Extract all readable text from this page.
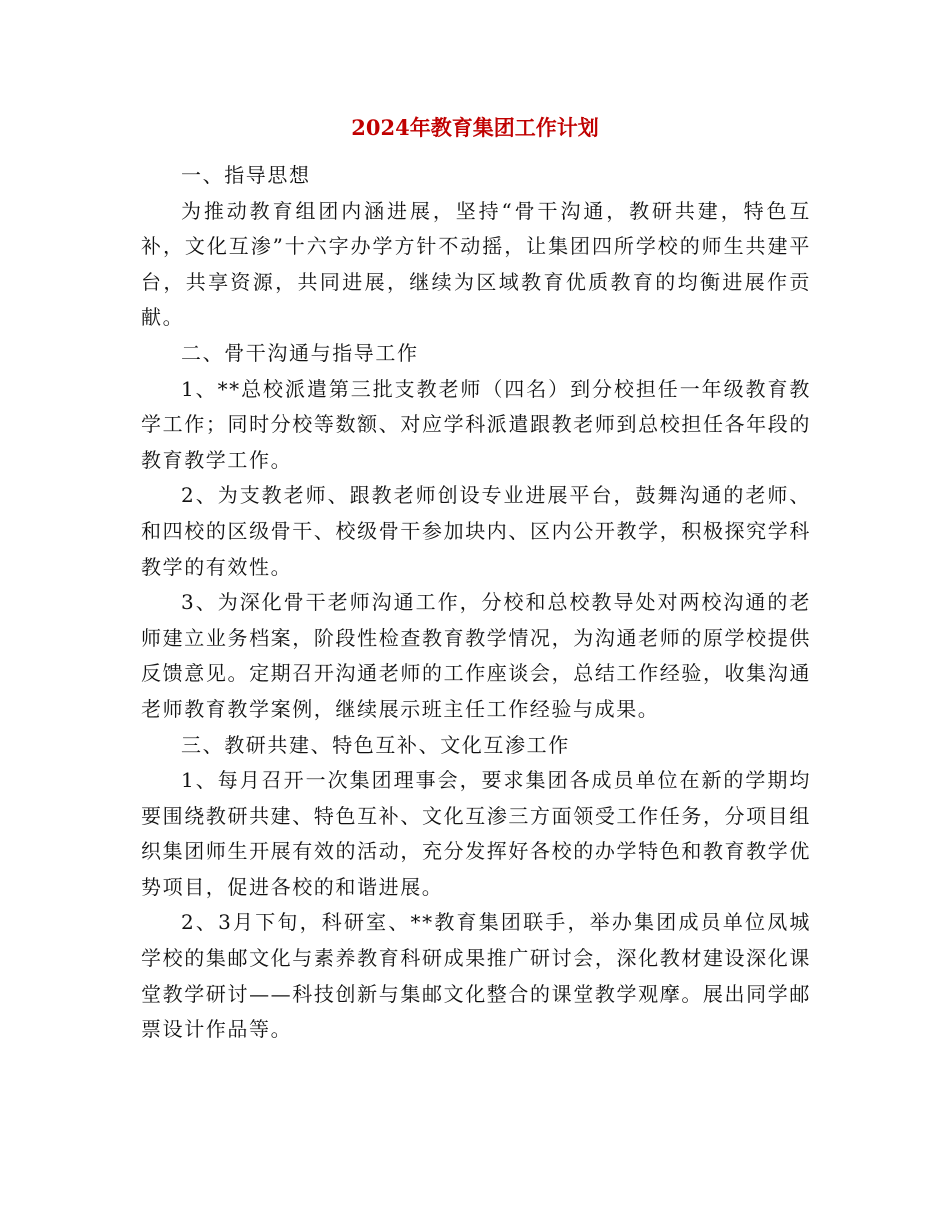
2024年教育集团工作计划

一、指导思想

为推动教育组团内涵进展，坚持“骨干沟通，教研共建，特色互补，文化互渗”十六字办学方针不动摇，让集团四所学校的师生共建平台，共享资源，共同进展，继续为区域教育优质教育的均衡进展作贡献。

二、骨干沟通与指导工作

1、**总校派遣第三批支教老师（四名）到分校担任一年级教育教学工作；同时分校等数额、对应学科派遣跟教老师到总校担任各年段的教育教学工作。

2、为支教老师、跟教老师创设专业进展平台，鼓舞沟通的老师、和四校的区级骨干、校级骨干参加块内、区内公开教学，积极探究学科教学的有效性。

3、为深化骨干老师沟通工作，分校和总校教导处对两校沟通的老师建立业务档案，阶段性检查教育教学情况，为沟通老师的原学校提供反馈意见。定期召开沟通老师的工作座谈会，总结工作经验，收集沟通老师教育教学案例，继续展示班主任工作经验与成果。

三、教研共建、特色互补、文化互渗工作

1、每月召开一次集团理事会，要求集团各成员单位在新的学期均要围绕教研共建、特色互补、文化互渗三方面领受工作任务，分项目组织集团师生开展有效的活动，充分发挥好各校的办学特色和教育教学优势项目，促进各校的和谐进展。

2、3月下旬，科研室、**教育集团联手，举办集团成员单位凤城学校的集邮文化与素养教育科研成果推广研讨会，深化教材建设深化课堂教学研讨——科技创新与集邮文化整合的课堂教学观摩。展出同学邮票设计作品等。
